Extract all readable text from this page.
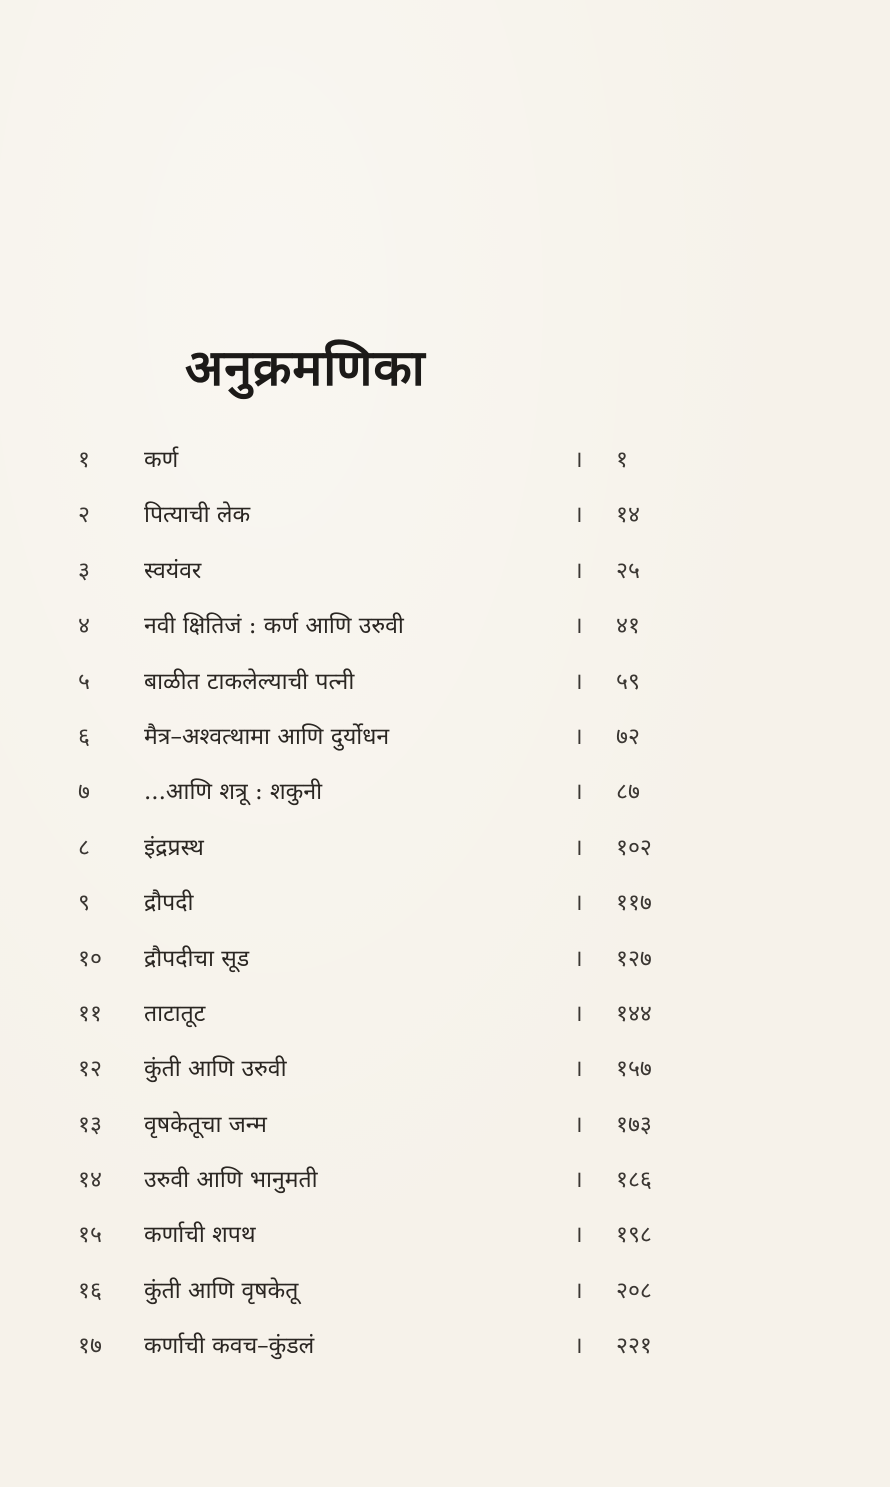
अनुक्रमणिका
१ कर्ण	। १
२ पित्याची लेक	। १४
३ स्वयंवर	। २५
४ नवी क्षितिजं : कर्ण आणि उरुवी	। ४१
५ बाळीत टाकलेल्याची पत्नी	। ५९
६ मैत्र–अश्वत्थामा आणि दुर्योधन	। ७२
७ ...आणि शत्रू : शकुनी	। ८७
८ इंद्रप्रस्थ	। १०२
९ द्रौपदी	। ११७
१० द्रौपदीचा सूड	। १२७
११ ताटातूट	। १४४
१२ कुंती आणि उरुवी	। १५७
१३ वृषकेतूचा जन्म	। १७३
१४ उरुवी आणि भानुमती	। १८६
१५ कर्णाची शपथ	। १९८
१६ कुंती आणि वृषकेतू	। २०८
१७ कर्णाची कवच–कुंडलं	। २२१
